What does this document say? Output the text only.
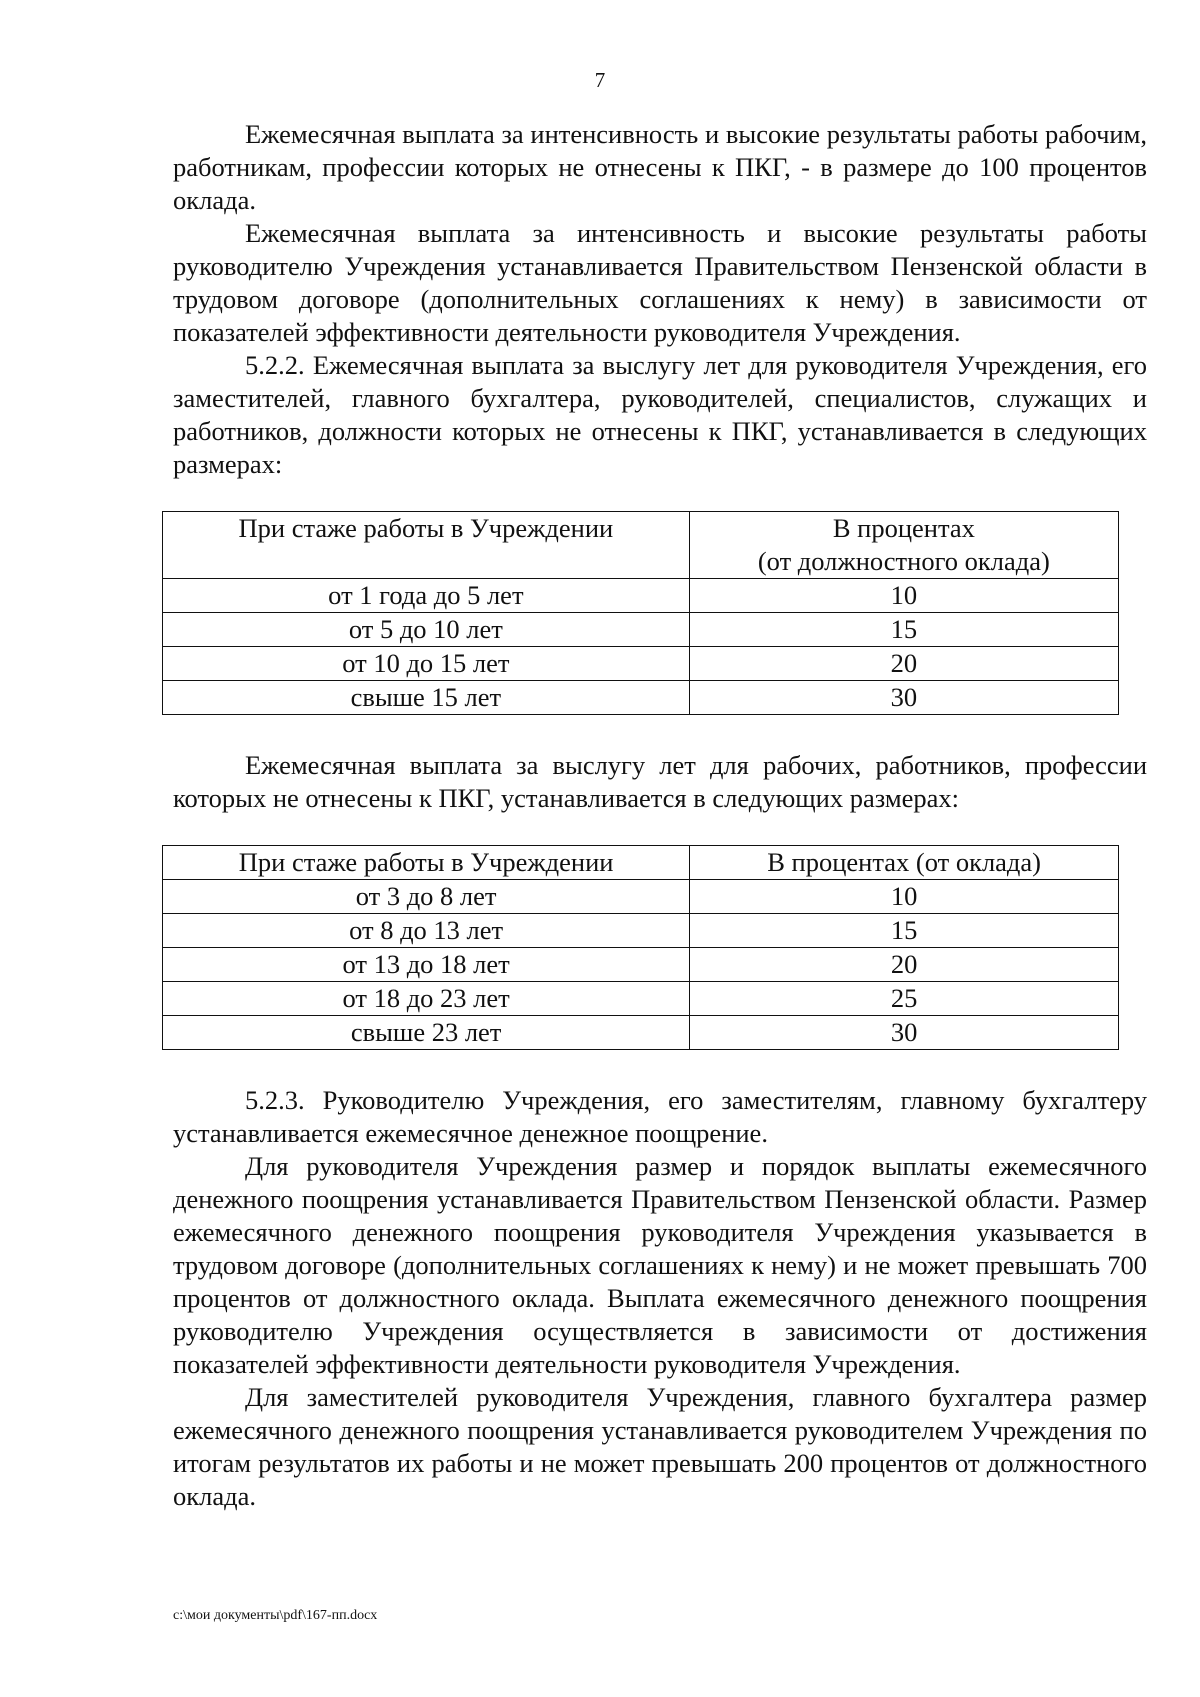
7

Ежемесячная выплата за интенсивность и высокие результаты работы рабочим, работникам, профессии которых не отнесены к ПКГ, - в размере до 100 процентов оклада.

Ежемесячная выплата за интенсивность и высокие результаты работы руководителю Учреждения устанавливается Правительством Пензенской области в трудовом договоре (дополнительных соглашениях к нему) в зависимости от показателей эффективности деятельности руководителя Учреждения.

5.2.2. Ежемесячная выплата за выслугу лет для руководителя Учреждения, его заместителей, главного бухгалтера, руководителей, специалистов, служащих и работников, должности которых не отнесены к ПКГ, устанавливается в следующих размерах:

При стаже работы в Учреждении	В процентах
(от должностного оклада)

от 1 года до 5 лет	10
от 5 до 10 лет	15
от 10 до 15 лет	20
свыше 15 лет	30

Ежемесячная выплата за выслугу лет для рабочих, работников, профессии которых не отнесены к ПКГ, устанавливается в следующих размерах:

При стаже работы в Учреждении	В процентах (от оклада)
от 3 до 8 лет	10
от 8 до 13 лет	15
от 13 до 18 лет	20
от 18 до 23 лет	25
свыше 23 лет	30

5.2.3. Руководителю Учреждения, его заместителям, главному бухгалтеру устанавливается ежемесячное денежное поощрение.

Для руководителя Учреждения размер и порядок выплаты ежемесячного денежного поощрения устанавливается Правительством Пензенской области. Размер ежемесячного денежного поощрения руководителя Учреждения указывается в трудовом договоре (дополнительных соглашениях к нему) и не может превышать 700 процентов от должностного оклада. Выплата ежемесячного денежного поощрения руководителю Учреждения осуществляется в зависимости от достижения показателей эффективности деятельности руководителя Учреждения.

Для заместителей руководителя Учреждения, главного бухгалтера размер ежемесячного денежного поощрения устанавливается руководителем Учреждения по итогам результатов их работы и не может превышать 200 процентов от должностного оклада.

c:\мои документы\pdf\167-пп.docx
